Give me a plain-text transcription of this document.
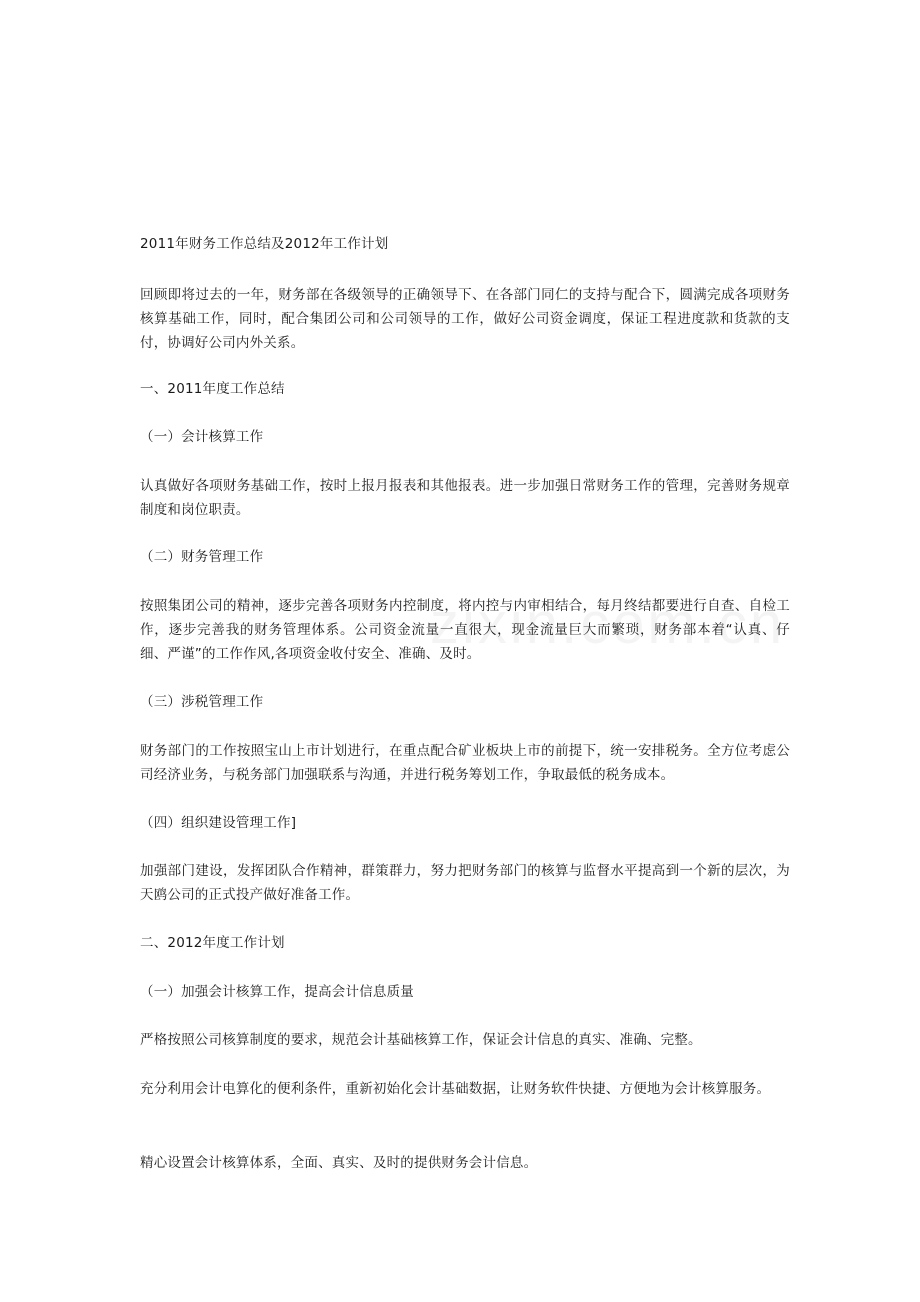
2011年财务工作总结及2012年工作计划
回顾即将过去的一年，财务部在各级领导的正确领导下、在各部门同仁的支持与配合下，圆满完成各项财务核算基础工作，同时，配合集团公司和公司领导的工作，做好公司资金调度，保证工程进度款和货款的支付，协调好公司内外关系。
一、2011年度工作总结
（一）会计核算工作
认真做好各项财务基础工作，按时上报月报表和其他报表。进一步加强日常财务工作的管理，完善财务规章制度和岗位职责。
（二）财务管理工作
按照集团公司的精神，逐步完善各项财务内控制度，将内控与内审相结合，每月终结都要进行自查、自检工作，逐步完善我的财务管理体系。公司资金流量一直很大，现金流量巨大而繁琐，财务部本着“认真、仔细、严谨”的工作作风,各项资金收付安全、准确、及时。
（三）涉税管理工作
财务部门的工作按照宝山上市计划进行，在重点配合矿业板块上市的前提下，统一安排税务。全方位考虑公司经济业务，与税务部门加强联系与沟通，并进行税务筹划工作，争取最低的税务成本。
（四）组织建设管理工作]
加强部门建设，发挥团队合作精神，群策群力，努力把财务部门的核算与监督水平提高到一个新的层次，为天鸥公司的正式投产做好准备工作。
二、2012年度工作计划
（一）加强会计核算工作，提高会计信息质量
严格按照公司核算制度的要求，规范会计基础核算工作，保证会计信息的真实、准确、完整。
充分利用会计电算化的便利条件，重新初始化会计基础数据，让财务软件快捷、方便地为会计核算服务。
精心设置会计核算体系，全面、真实、及时的提供财务会计信息。
